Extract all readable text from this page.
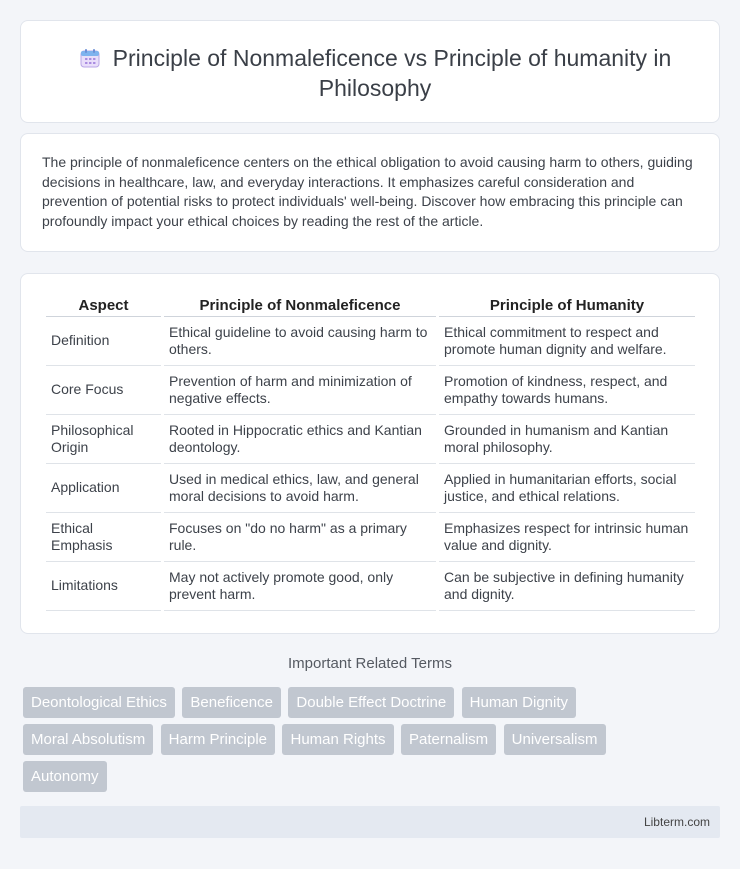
Principle of Nonmaleficence vs Principle of humanity in Philosophy

The principle of nonmaleficence centers on the ethical obligation to avoid causing harm to others, guiding decisions in healthcare, law, and everyday interactions. It emphasizes careful consideration and prevention of potential risks to protect individuals' well-being. Discover how embracing this principle can profoundly impact your ethical choices by reading the rest of the article.

Aspect	Principle of Nonmaleficence	Principle of Humanity
Definition	Ethical guideline to avoid causing harm to others.	Ethical commitment to respect and promote human dignity and welfare.
Core Focus	Prevention of harm and minimization of negative effects.	Promotion of kindness, respect, and empathy towards humans.
Philosophical Origin	Rooted in Hippocratic ethics and Kantian deontology.	Grounded in humanism and Kantian moral philosophy.
Application	Used in medical ethics, law, and general moral decisions to avoid harm.	Applied in humanitarian efforts, social justice, and ethical relations.
Ethical Emphasis	Focuses on "do no harm" as a primary rule.	Emphasizes respect for intrinsic human value and dignity.
Limitations	May not actively promote good, only prevent harm.	Can be subjective in defining humanity and dignity.
Important Related Terms
Deontological Ethics Beneficence Double Effect Doctrine Human Dignity Moral Absolutism Harm Principle Human Rights Paternalism Universalism Autonomy
Libterm.com
